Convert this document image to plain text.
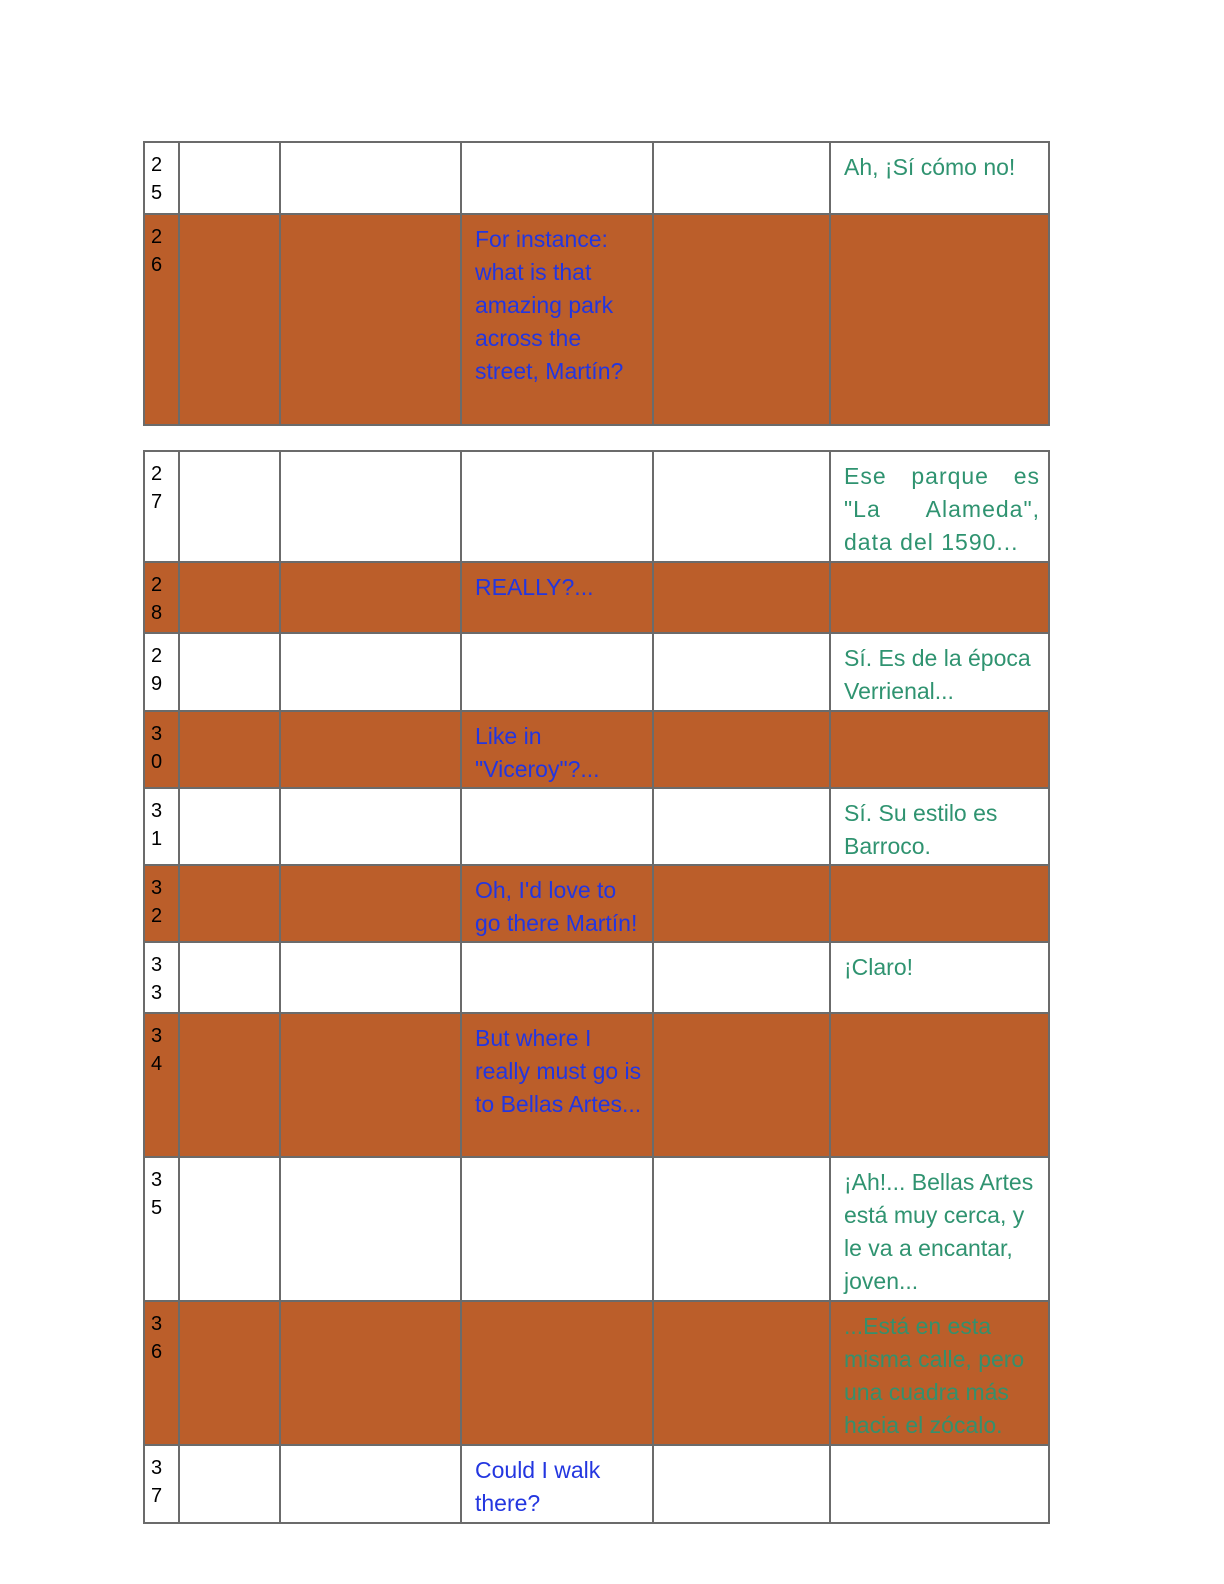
2
5					Ah, ¡Sí cómo no!

2
6			For instance: what is that amazing park across the street, Martín?		
2
7					Ese parque es "La Alameda", data del 1590...

2
8			REALLY?...		

2
9					Sí. Es de la época Verrienal...

3
0			Like in "Viceroy"?...		

3
1					Sí. Su estilo es Barroco.

3
2			Oh, I'd love to go there Martín!		

3
3					¡Claro!

3
4			But where I really must go is to Bellas Artes...		

3
5					¡Ah!... Bellas Artes está muy cerca, y le va a encantar, joven...

3
6					...Está en esta misma calle, pero una cuadra más hacia el zócalo.

3
7			Could I walk there?		
